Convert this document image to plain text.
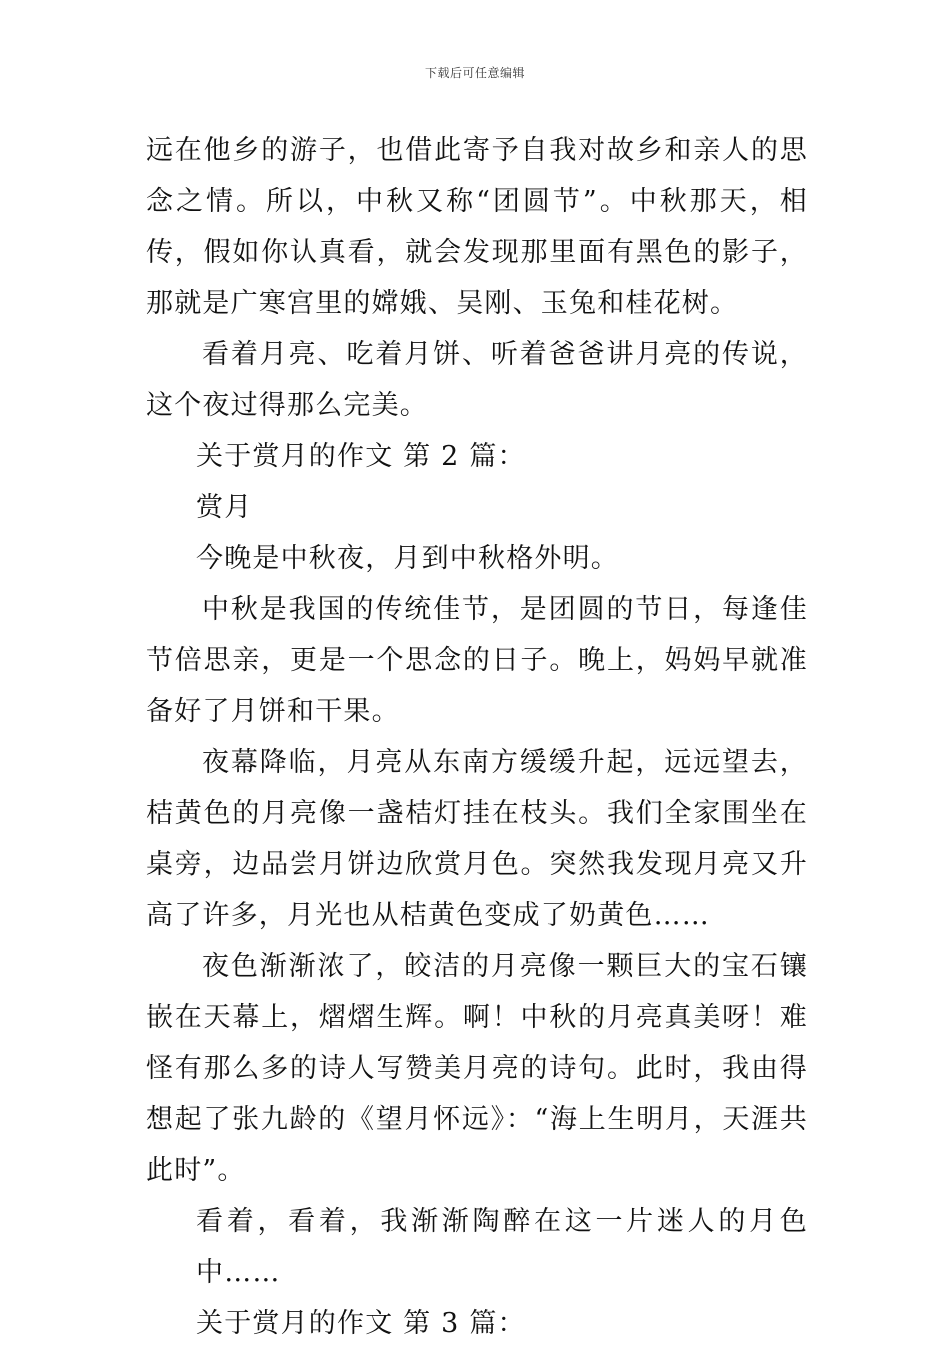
下载后可任意编辑

远在他乡的游子，也借此寄予自我对故乡和亲人的思念之情。所以，中秋又称“团圆节”。中秋那天，相传，假如你认真看，就会发现那里面有黑色的影子，那就是广寒宫里的嫦娥、吴刚、玉兔和桂花树。

看着月亮、吃着月饼、听着爸爸讲月亮的传说，这个夜过得那么完美。

关于赏月的作文 第 2 篇：

赏月

今晚是中秋夜，月到中秋格外明。

中秋是我国的传统佳节，是团圆的节日，每逢佳节倍思亲，更是一个思念的日子。晚上，妈妈早就准备好了月饼和干果。

夜幕降临，月亮从东南方缓缓升起，远远望去，桔黄色的月亮像一盏桔灯挂在枝头。我们全家围坐在桌旁，边品尝月饼边欣赏月色。突然我发现月亮又升高了许多，月光也从桔黄色变成了奶黄色……

夜色渐渐浓了，皎洁的月亮像一颗巨大的宝石镶嵌在天幕上，熠熠生辉。啊！中秋的月亮真美呀！难怪有那么多的诗人写赞美月亮的诗句。此时，我由得想起了张九龄的《望月怀远》：“海上生明月，天涯共此时”。

看着，看着，我渐渐陶醉在这一片迷人的月色中……

关于赏月的作文 第 3 篇：
